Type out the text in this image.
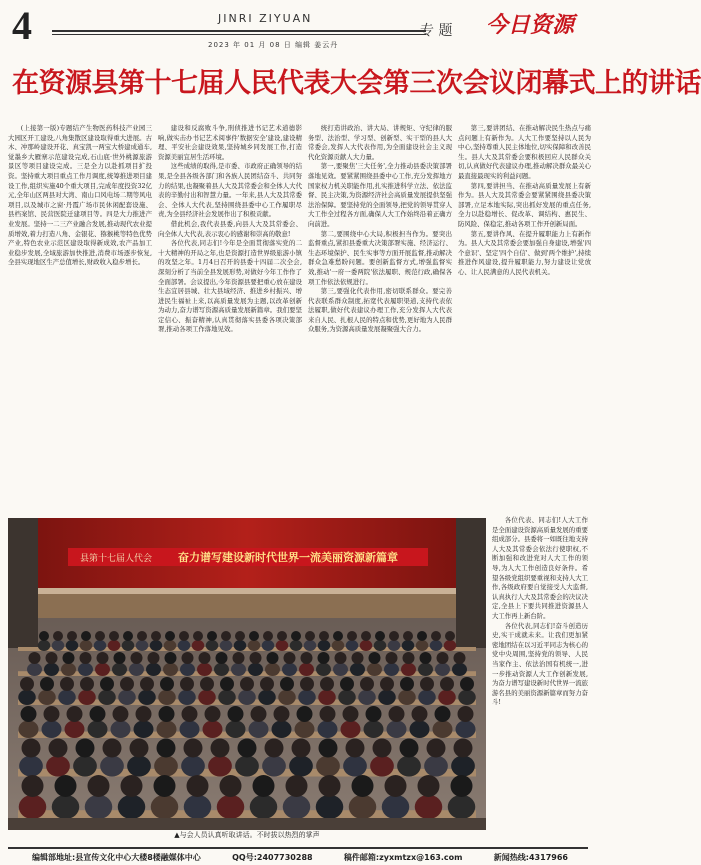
4	JINRI ZIYUAN
2023 年 01 月 08 日 编辑 姜云丹
专 题 今日资源
在资源县第十七届人民代表大会第三次会议闭幕式上的讲话

(上接第一版)专题结产生物医药科技产业园三大园区开工建设,八角集散区建设取得重大进展。古木、冲那岭建设开花、真宝凯一两宝大桥建成通车,觉墨乡大雁寨示范建设完成,石山底·世外桃源旅游景区等项目建设完成。三是全力以赴抓项目扩投资。坚持重大项目重点工作月调度,统筹推进项目建设工作,组织实施40个重大项目,完成年度投资32亿元,全年山区两县对大湾、南山口风电场二期等风电项目,以及城市之窗·丹霞广场市民休闲配套设施、县档案馆、民营医院迁建项目等。四是大力推进产业发展。坚持一二三产业融合发展,推动现代农业提质增效,着力打造八角、金银花、猕猴桃等特色优势产业,特色农业示范区建设取得新成效,农产品加工业稳步发展,全域旅游加快推进,消费市场逐步恢复,全县实现地区生产总值增长,财政收入稳步增长。

建设和反腐败斗争,刑侦推进书记艺术道德影响,做实击办书记艺术阅事件'数据安全'建设,建设精理、平安社会建设效果,坚持城乡同发展工作,打造资源美丽宜居生活环境。

这些成绩的取得,是市委、市政府正确领导的结果,是全县各级各部门和各族人民团结奋斗、共同努力的结果,也凝聚着县人大及其常委会和全体人大代表的辛勤付出和智慧力量。一年来,县人大及其常委会、全体人大代表,坚持围绕县委中心工作履职尽责,为全县经济社会发展作出了积极贡献。

借此机会,我代表县委,向县人大及其常委会、向全体人大代表,表示衷心的感谢和崇高的敬意!

各位代表,同志们!今年是全面贯彻落实党的二十大精神的开局之年,也是资源打造世界级旅游小镇的攻坚之年。1月4日召开的县委十四届二次全会,深刻分析了当前全县发展形势,对做好今年工作作了全面部署。会议提出,今年资源县要把重心放在建设生态宜居县城、壮大县域经济、推进乡村振兴、增进民生福祉上来,以高质量发展为主题,以改革创新为动力,奋力谱写资源高质量发展新篇章。我们要坚定信心、振奋精神,认真贯彻落实县委各项决策部署,推动各项工作落地见效。

统打造讲政治、讲大局、讲规矩、守纪律的服务型、法治型、学习型、创新型、实干型的县人大常委会,发挥人大代表作用,为全面建设社会主义现代化资源贡献人大力量。

第一,要聚焦'三大任务',全力推动县委决策部署落地见效。要紧紧围绕县委中心工作,充分发挥地方国家权力机关职能作用,扎实推进科学立法、依法监督、民主决策,为资源经济社会高质量发展提供坚强法治保障。要坚持党的全面领导,把党的领导贯穿人大工作全过程各方面,确保人大工作始终沿着正确方向前进。

第二,要围绕中心大局,积极担当作为。要突出监督重点,紧扣县委重大决策部署实施、经济运行、生态环境保护、民生实事等方面开展监督,推动解决群众急难愁盼问题。要创新监督方式,增强监督实效,推动'一府一委两院'依法履职、规范行政,确保各项工作依法依规进行。

第三,要强化代表作用,密切联系群众。要完善代表联系群众制度,拓宽代表履职渠道,支持代表依法履职,做好代表建议办理工作,充分发挥人大代表来自人民、扎根人民的特点和优势,更好地为人民群众服务,为资源高质量发展凝聚强大合力。

第三,要讲团结、在推动解决民生热点与痛点问题上有新作为。人大工作要坚持以人民为中心,坚持尊重人民主体地位,切实保障和改善民生。县人大及其常委会要积极回应人民群众关切,认真做好代表建议办理,推动解决群众最关心最直接最现实的利益问题。

第四,要讲担当、在推动高质量发展上有新作为。县人大及其常委会要紧紧围绕县委决策部署,立足本地实际,突出抓好发展的重点任务,全力以赴稳增长、促改革、调结构、惠民生、防风险、保稳定,推动各项工作开创新局面。

第五,要讲作风、在提升履职能力上有新作为。县人大及其常委会要加强自身建设,增强'四个意识'、坚定'四个自信'、做到'两个维护',持续推进作风建设,提升履职能力,努力建设让党放心、让人民满意的人民代表机关。

县第十七届人代会 奋力谱写建设新时代世界一流美丽资源新篇章
▲与会人员认真听取讲话。不时拔以热烈的掌声

各位代表、同志们!人大工作是全面建设资源高质量发展的重要组成部分。县委将一如既往地支持人大及其常委会依法行使职权,不断加强和改进党对人大工作的领导,为人大工作创造良好条件。希望各级党组织要重视和支持人大工作,各级政府要自觉接受人大监督,认真执行人大及其常委会的决议决定,全县上下要共同推进资源县人大工作再上新台阶。

各位代表,同志们!奋斗创造历史,实干成就未来。让我们更加紧密地团结在以习近平同志为核心的党中央周围,坚持党的领导、人民当家作主、依法治国有机统一,进一步推动资源人大工作创新发展,为奋力谱写建设新时代世界一流旅游名县的美丽资源新篇章而努力奋斗!

编辑部地址:县宣传文化中心大楼8楼融媒体中心	QQ号:2407730288	稿件邮箱:zyxmtzx@163.com	新闻热线:4317966
